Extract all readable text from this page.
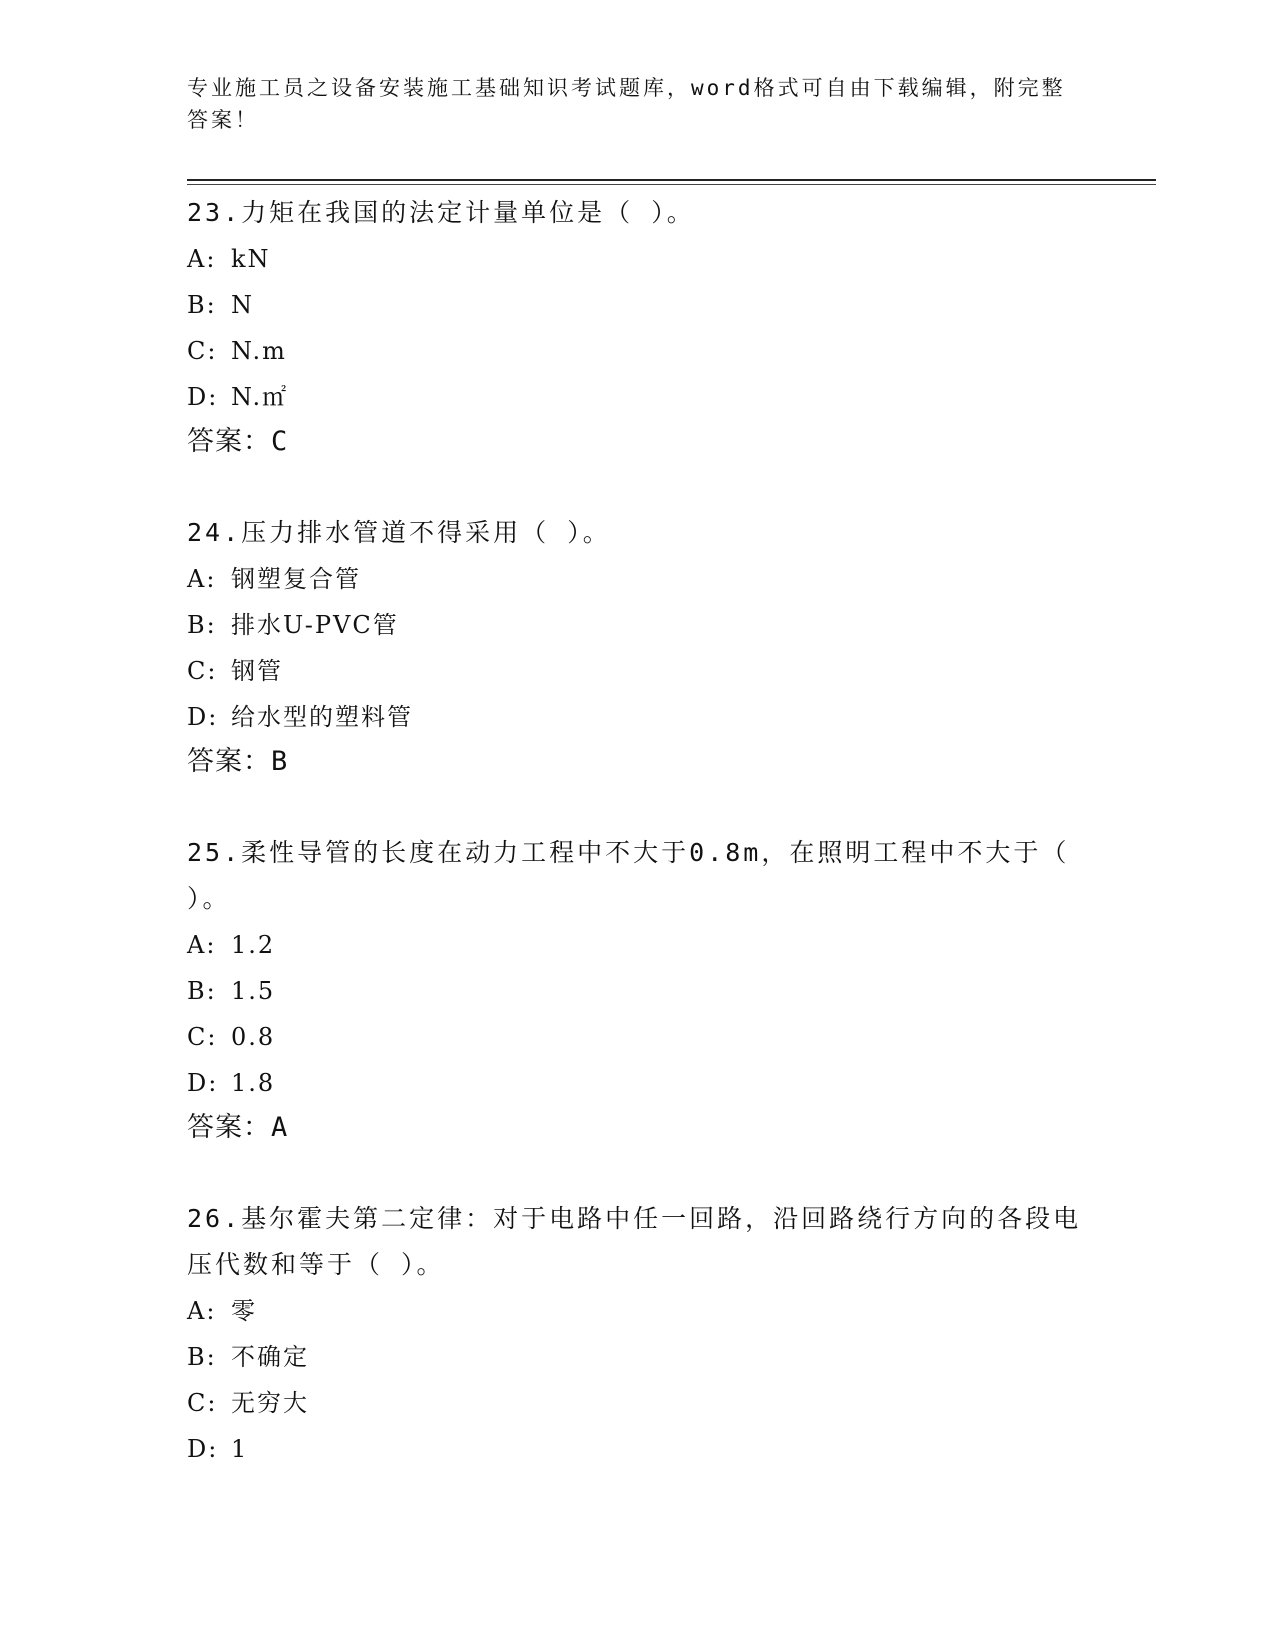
专业施工员之设备安装施工基础知识考试题库，word格式可自由下载编辑，附完整答案！

23.力矩在我国的法定计量单位是（ ）。

A: kN

B: N

C: N.m

D: N.㎡

答案：C

24.压力排水管道不得采用（ ）。

A: 钢塑复合管

B: 排水U-PVC管

C: 钢管

D: 给水型的塑料管

答案：B

25.柔性导管的长度在动力工程中不大于0.8m，在照明工程中不大于（ ）。

A: 1.2

B: 1.5

C: 0.8

D: 1.8

答案：A

26.基尔霍夫第二定律：对于电路中任一回路，沿回路绕行方向的各段电压代数和等于（ ）。

A: 零

B: 不确定

C: 无穷大

D: 1
